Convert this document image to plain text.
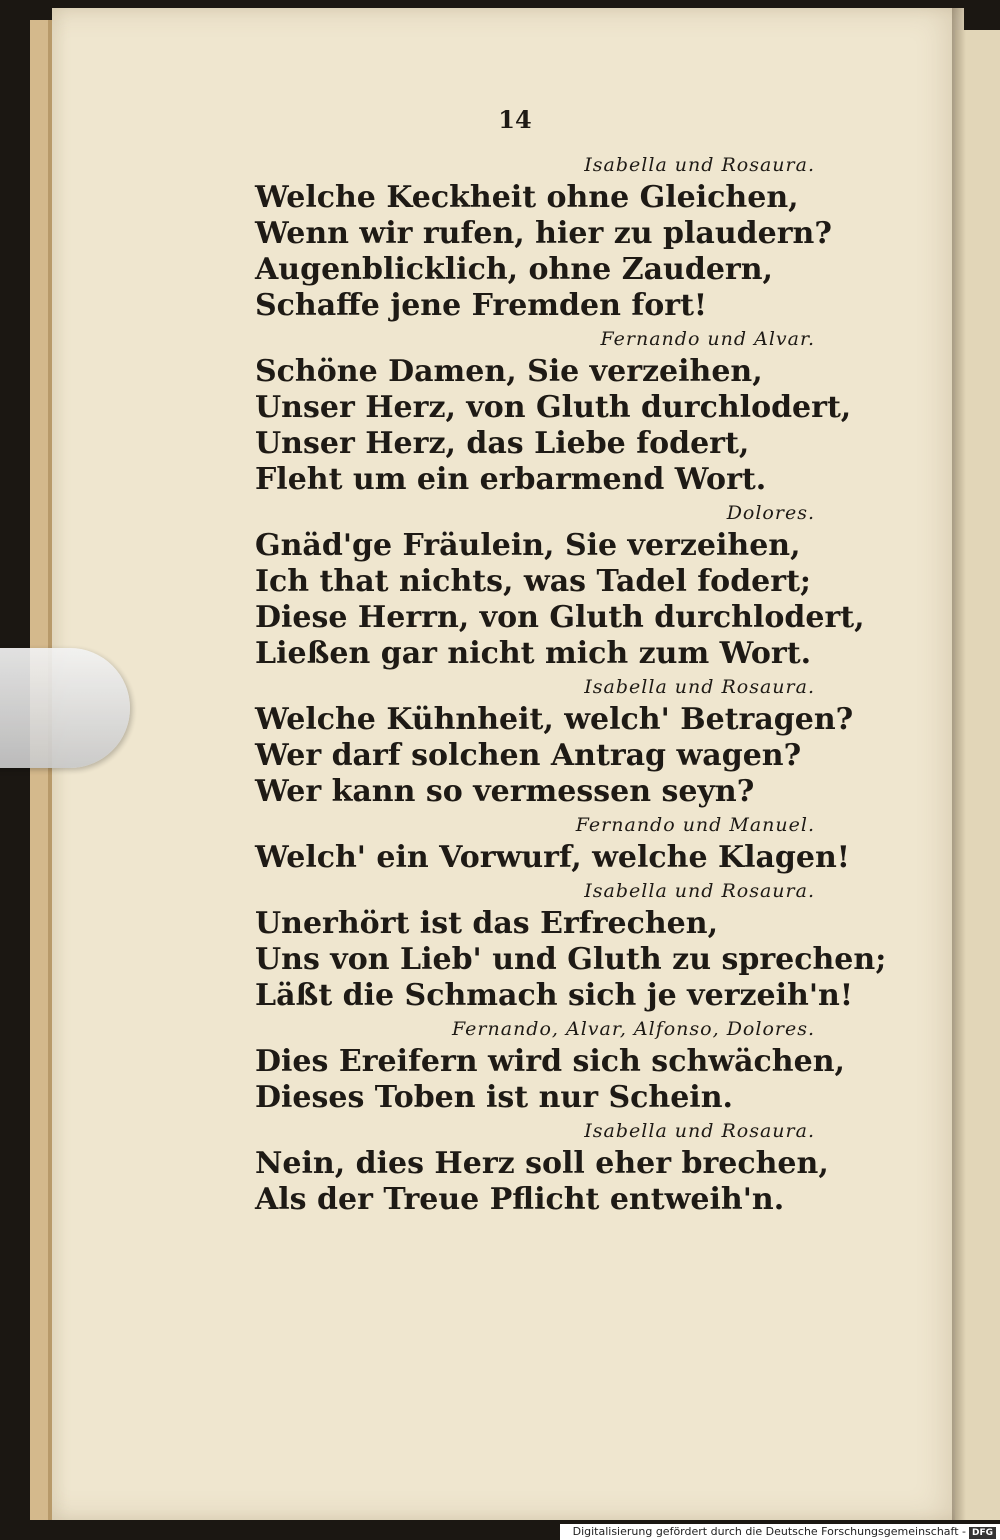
14
Isabella und Rosaura.
Welche Keckheit ohne Gleichen,
Wenn wir rufen, hier zu plaudern?
Augenblicklich, ohne Zaudern,
Schaffe jene Fremden fort!
Fernando und Alvar.
Schöne Damen, Sie verzeihen,
Unser Herz, von Gluth durchlodert,
Unser Herz, das Liebe fodert,
Fleht um ein erbarmend Wort.
Dolores.
Gnäd'ge Fräulein, Sie verzeihen,
Ich that nichts, was Tadel fodert;
Diese Herrn, von Gluth durchlodert,
Ließen gar nicht mich zum Wort.
Isabella und Rosaura.
Welche Kühnheit, welch' Betragen?
Wer darf solchen Antrag wagen?
Wer kann so vermessen seyn?
Fernando und Manuel.
Welch' ein Vorwurf, welche Klagen!
Isabella und Rosaura.
Unerhört ist das Erfrechen,
Uns von Lieb' und Gluth zu sprechen;
Läßt die Schmach sich je verzeih'n!
Fernando, Alvar, Alfonso, Dolores.
Dies Ereifern wird sich schwächen,
Dieses Toben ist nur Schein.
Isabella und Rosaura.
Nein, dies Herz soll eher brechen,
Als der Treue Pflicht entweih'n.
Digitalisierung gefördert durch die Deutsche Forschungsgemeinschaft - DFG
